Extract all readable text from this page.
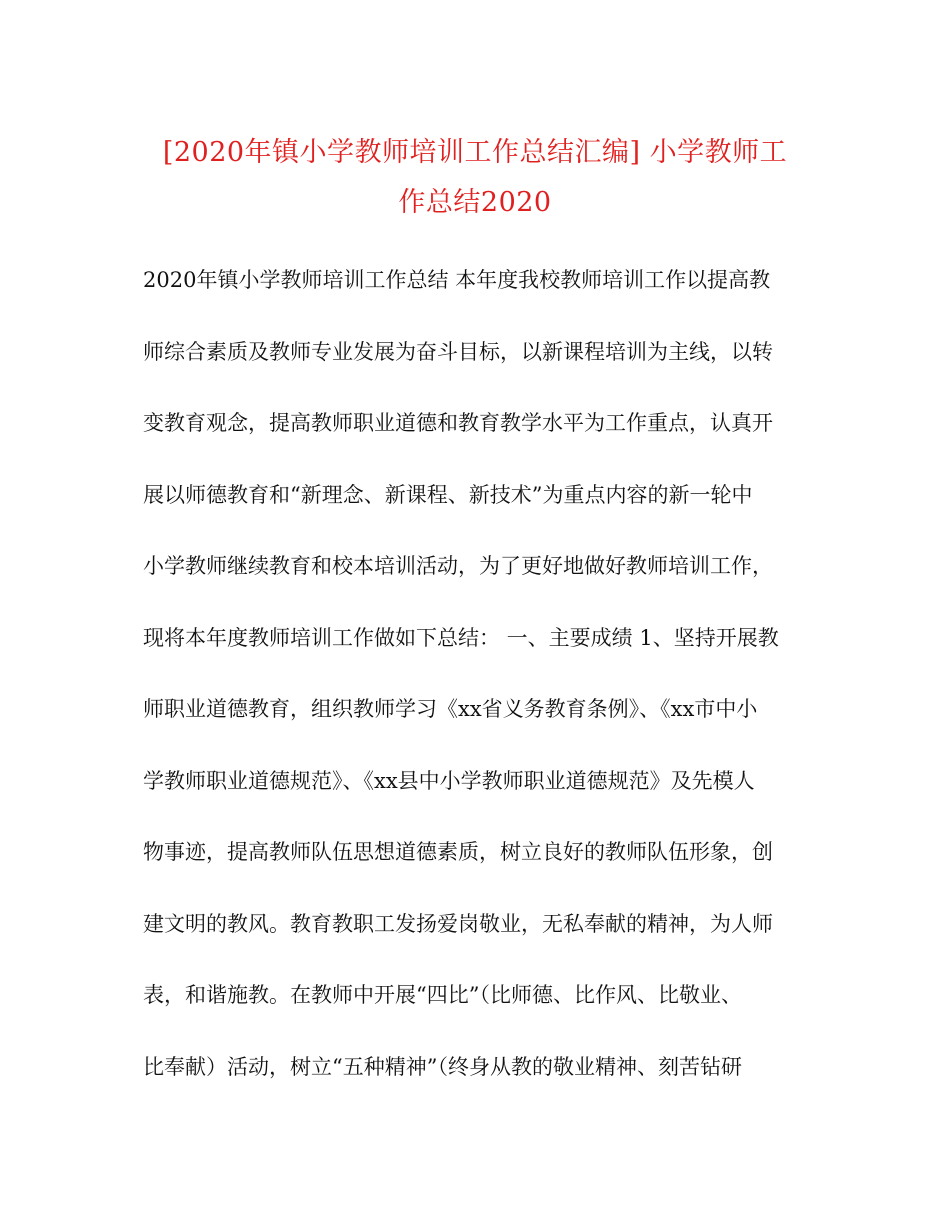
[2020年镇小学教师培训工作总结汇编] 小学教师工
作总结2020
2020年镇小学教师培训工作总结 本年度我校教师培训工作以提高教
师综合素质及教师专业发展为奋斗目标，以新课程培训为主线，以转
变教育观念，提高教师职业道德和教育教学水平为工作重点，认真开
展以师德教育和“新理念、新课程、新技术”为重点内容的新一轮中
小学教师继续教育和校本培训活动，为了更好地做好教师培训工作，
现将本年度教师培训工作做如下总结： 一、主要成绩 1、坚持开展教
师职业道德教育，组织教师学习《xx省义务教育条例》、《xx市中小
学教师职业道德规范》、《xx县中小学教师职业道德规范》及先模人
物事迹，提高教师队伍思想道德素质，树立良好的教师队伍形象，创
建文明的教风。教育教职工发扬爱岗敬业，无私奉献的精神，为人师
表，和谐施教。在教师中开展“四比”（比师德、比作风、比敬业、
比奉献）活动，树立“五种精神”（终身从教的敬业精神、刻苦钻研
